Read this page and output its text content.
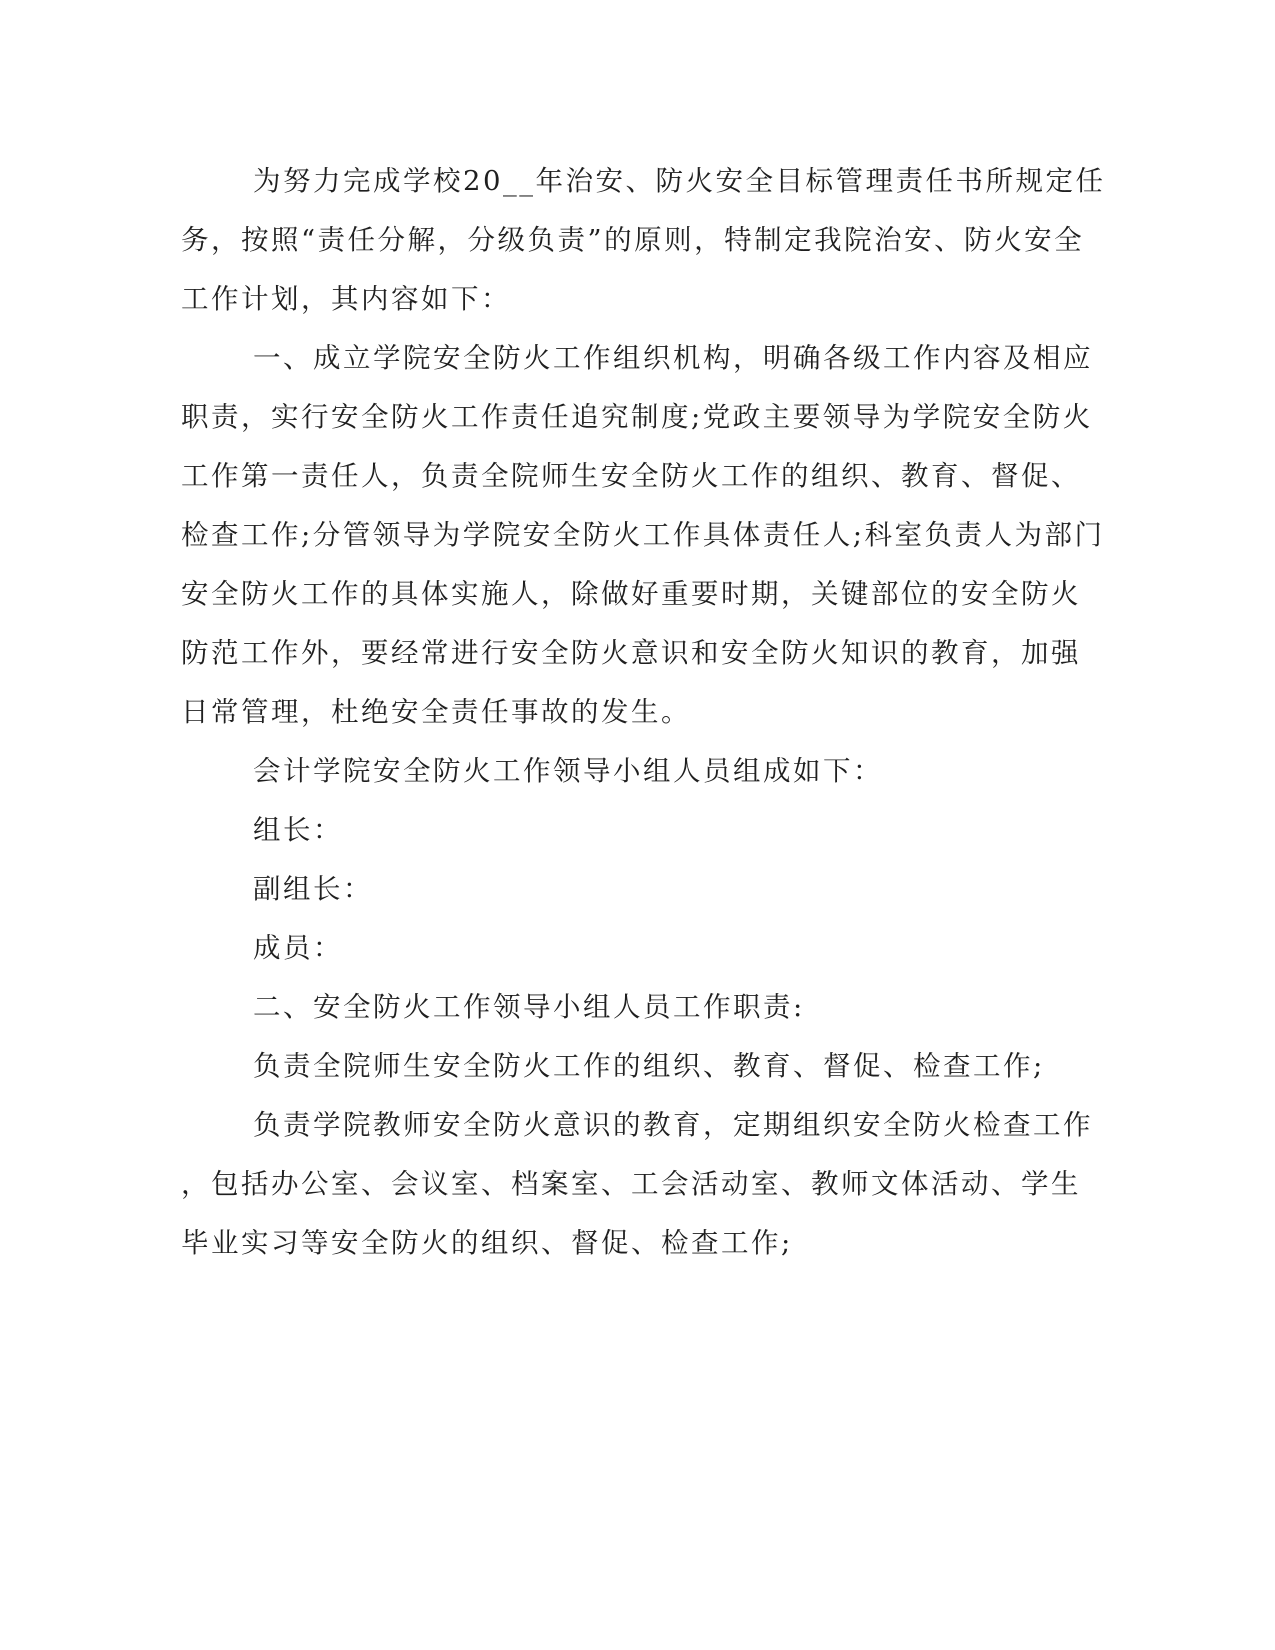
为努力完成学校20__年治安、防火安全目标管理责任书所规定任
务，按照“责任分解，分级负责”的原则，特制定我院治安、防火安全
工作计划，其内容如下：
一、成立学院安全防火工作组织机构，明确各级工作内容及相应
职责，实行安全防火工作责任追究制度;党政主要领导为学院安全防火
工作第一责任人，负责全院师生安全防火工作的组织、教育、督促、
检查工作;分管领导为学院安全防火工作具体责任人;科室负责人为部门
安全防火工作的具体实施人，除做好重要时期，关键部位的安全防火
防范工作外，要经常进行安全防火意识和安全防火知识的教育，加强
日常管理，杜绝安全责任事故的发生。
会计学院安全防火工作领导小组人员组成如下：
组长：
副组长：
成员：
二、安全防火工作领导小组人员工作职责:
负责全院师生安全防火工作的组织、教育、督促、检查工作;
负责学院教师安全防火意识的教育，定期组织安全防火检查工作
，包括办公室、会议室、档案室、工会活动室、教师文体活动、学生
毕业实习等安全防火的组织、督促、检查工作;
